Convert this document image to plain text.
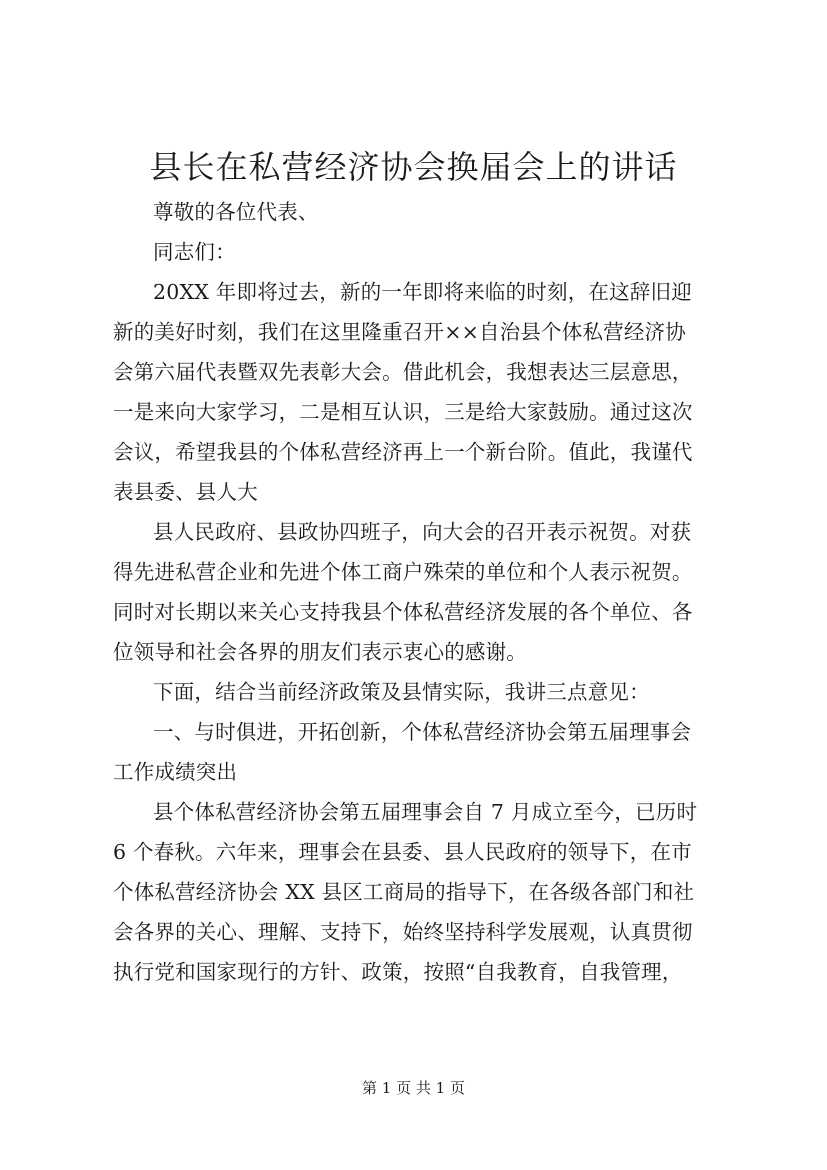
县长在私营经济协会换届会上的讲话
尊敬的各位代表、
同志们：
20XX 年即将过去，新的一年即将来临的时刻，在这辞旧迎
新的美好时刻，我们在这里隆重召开××自治县个体私营经济协
会第六届代表暨双先表彰大会。借此机会，我想表达三层意思，
一是来向大家学习，二是相互认识，三是给大家鼓励。通过这次
会议，希望我县的个体私营经济再上一个新台阶。值此，我谨代
表县委、县人大
县人民政府、县政协四班子，向大会的召开表示祝贺。对获
得先进私营企业和先进个体工商户殊荣的单位和个人表示祝贺。
同时对长期以来关心支持我县个体私营经济发展的各个单位、各
位领导和社会各界的朋友们表示衷心的感谢。
下面，结合当前经济政策及县情实际，我讲三点意见：
一、与时俱进，开拓创新，个体私营经济协会第五届理事会
工作成绩突出
县个体私营经济协会第五届理事会自 7 月成立至今，已历时
6 个春秋。六年来，理事会在县委、县人民政府的领导下，在市
个体私营经济协会 XX 县区工商局的指导下，在各级各部门和社
会各界的关心、理解、支持下，始终坚持科学发展观，认真贯彻
执行党和国家现行的方针、政策，按照“自我教育，自我管理，
第 1 页 共 1 页
